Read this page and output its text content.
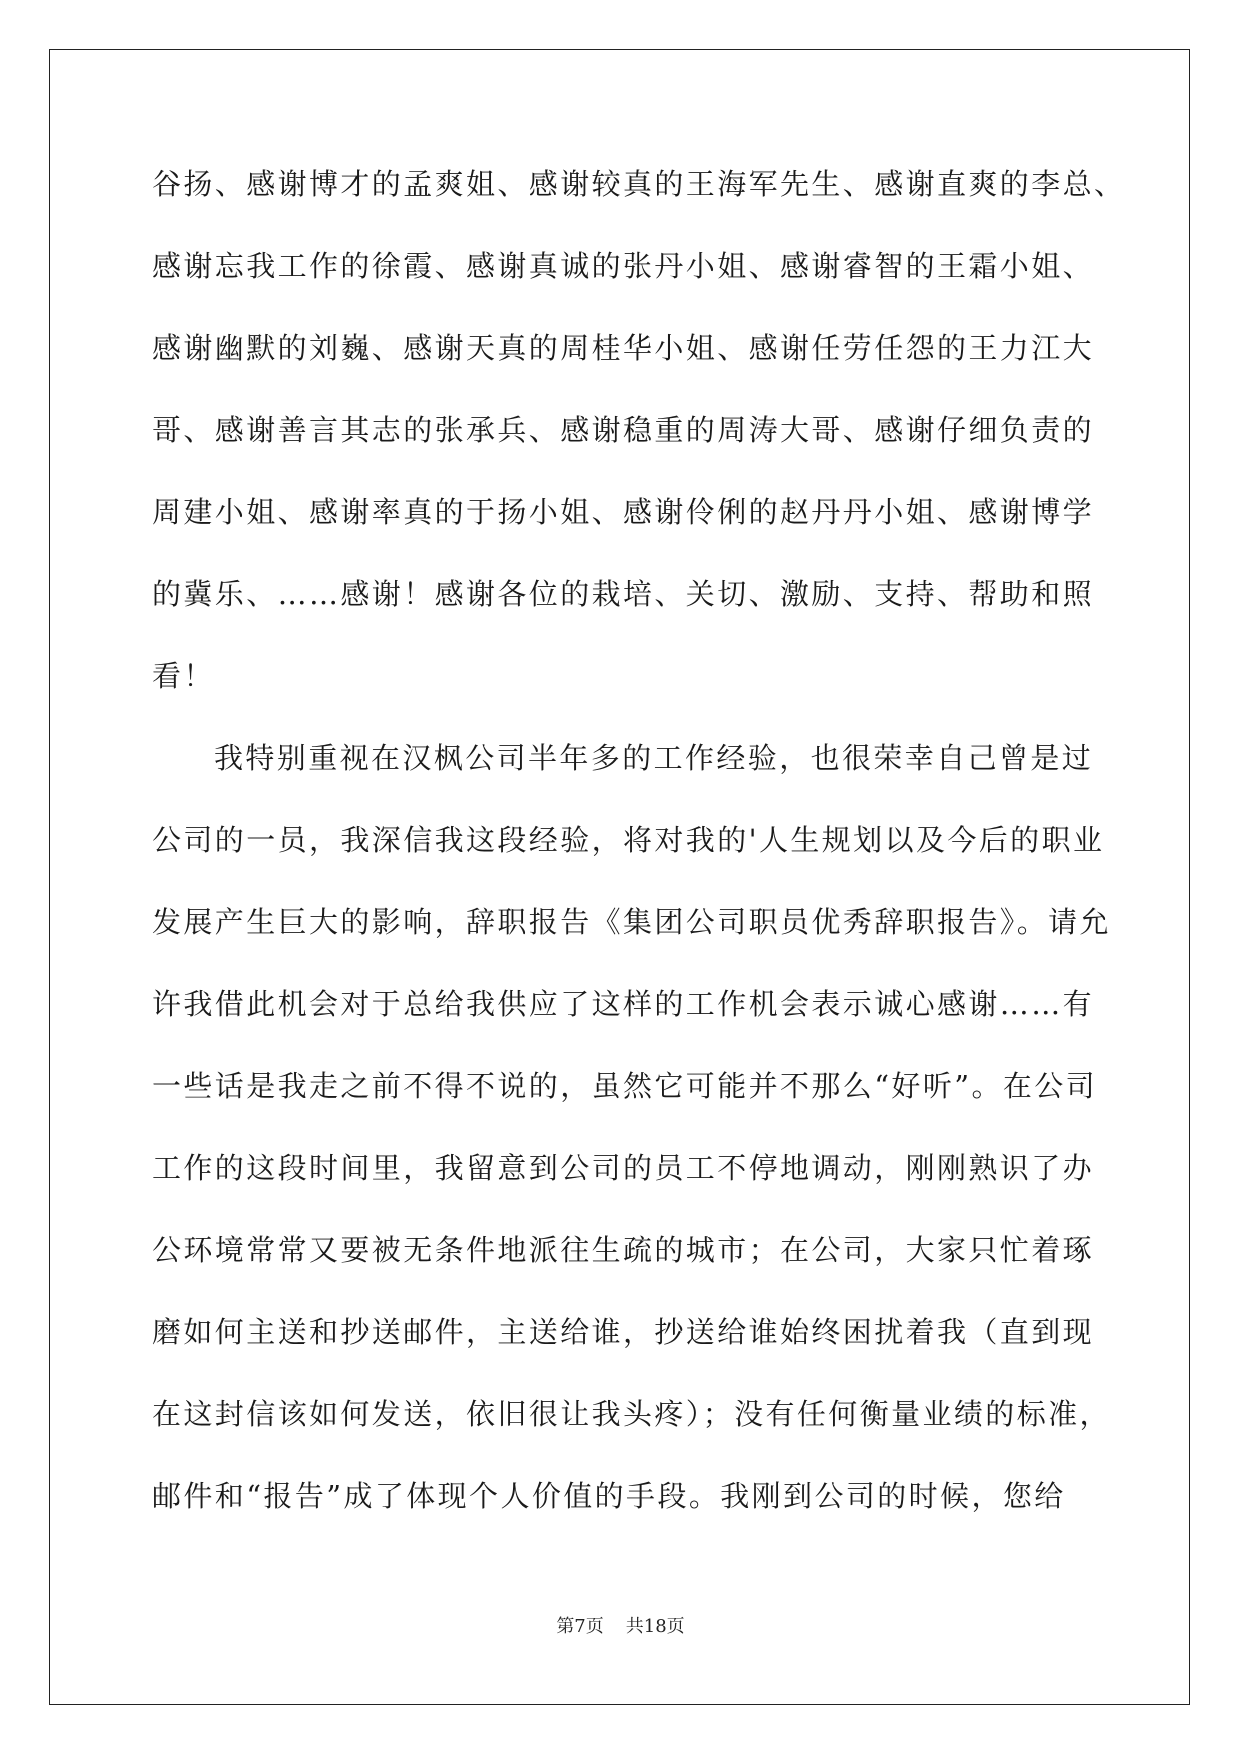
谷扬、感谢博才的孟爽姐、感谢较真的王海军先生、感谢直爽的李总、
感谢忘我工作的徐霞、感谢真诚的张丹小姐、感谢睿智的王霜小姐、
感谢幽默的刘巍、感谢天真的周桂华小姐、感谢任劳任怨的王力江大
哥、感谢善言其志的张承兵、感谢稳重的周涛大哥、感谢仔细负责的
周建小姐、感谢率真的于扬小姐、感谢伶俐的赵丹丹小姐、感谢博学
的冀乐、……感谢！感谢各位的栽培、关切、激励、支持、帮助和照
看！
我特别重视在汉枫公司半年多的工作经验，也很荣幸自己曾是过
公司的一员，我深信我这段经验，将对我的'人生规划以及今后的职业
发展产生巨大的影响，辞职报告《集团公司职员优秀辞职报告》。请允
许我借此机会对于总给我供应了这样的工作机会表示诚心感谢……有
一些话是我走之前不得不说的，虽然它可能并不那么“好听”。在公司
工作的这段时间里，我留意到公司的员工不停地调动，刚刚熟识了办
公环境常常又要被无条件地派往生疏的城市；在公司，大家只忙着琢
磨如何主送和抄送邮件，主送给谁，抄送给谁始终困扰着我（直到现
在这封信该如何发送，依旧很让我头疼）；没有任何衡量业绩的标准，
邮件和“报告”成了体现个人价值的手段。我刚到公司的时候，您给
第7页 共18页
